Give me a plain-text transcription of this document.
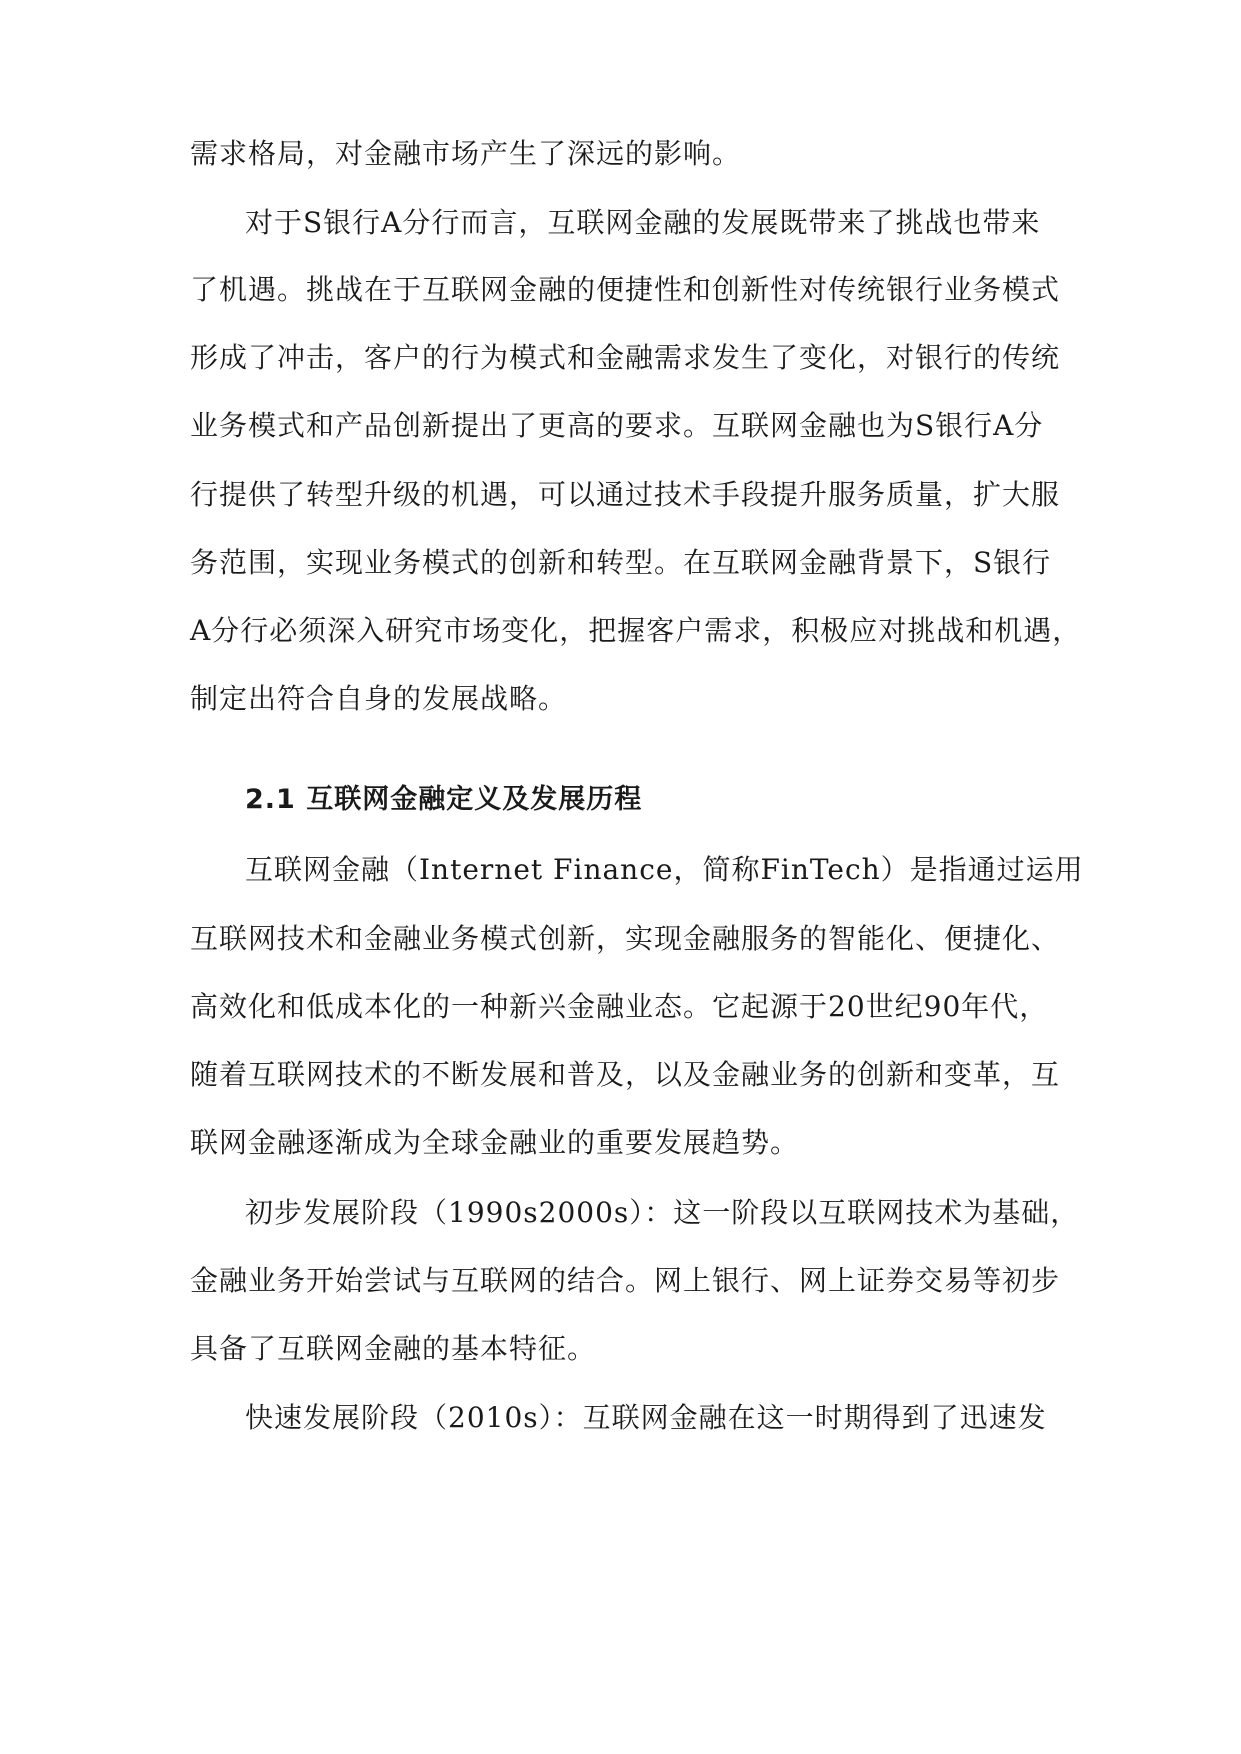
需求格局，对金融市场产生了深远的影响。
对于S银行A分行而言，互联网金融的发展既带来了挑战也带来
了机遇。挑战在于互联网金融的便捷性和创新性对传统银行业务模式
形成了冲击，客户的行为模式和金融需求发生了变化，对银行的传统
业务模式和产品创新提出了更高的要求。互联网金融也为S银行A分
行提供了转型升级的机遇，可以通过技术手段提升服务质量，扩大服
务范围，实现业务模式的创新和转型。在互联网金融背景下，S银行
A分行必须深入研究市场变化，把握客户需求，积极应对挑战和机遇，
制定出符合自身的发展战略。
2.1 互联网金融定义及发展历程
互联网金融（Internet Finance，简称FinTech）是指通过运用
互联网技术和金融业务模式创新，实现金融服务的智能化、便捷化、
高效化和低成本化的一种新兴金融业态。它起源于20世纪90年代，
随着互联网技术的不断发展和普及，以及金融业务的创新和变革，互
联网金融逐渐成为全球金融业的重要发展趋势。
初步发展阶段（1990s2000s）：这一阶段以互联网技术为基础，
金融业务开始尝试与互联网的结合。网上银行、网上证券交易等初步
具备了互联网金融的基本特征。
快速发展阶段（2010s）：互联网金融在这一时期得到了迅速发
